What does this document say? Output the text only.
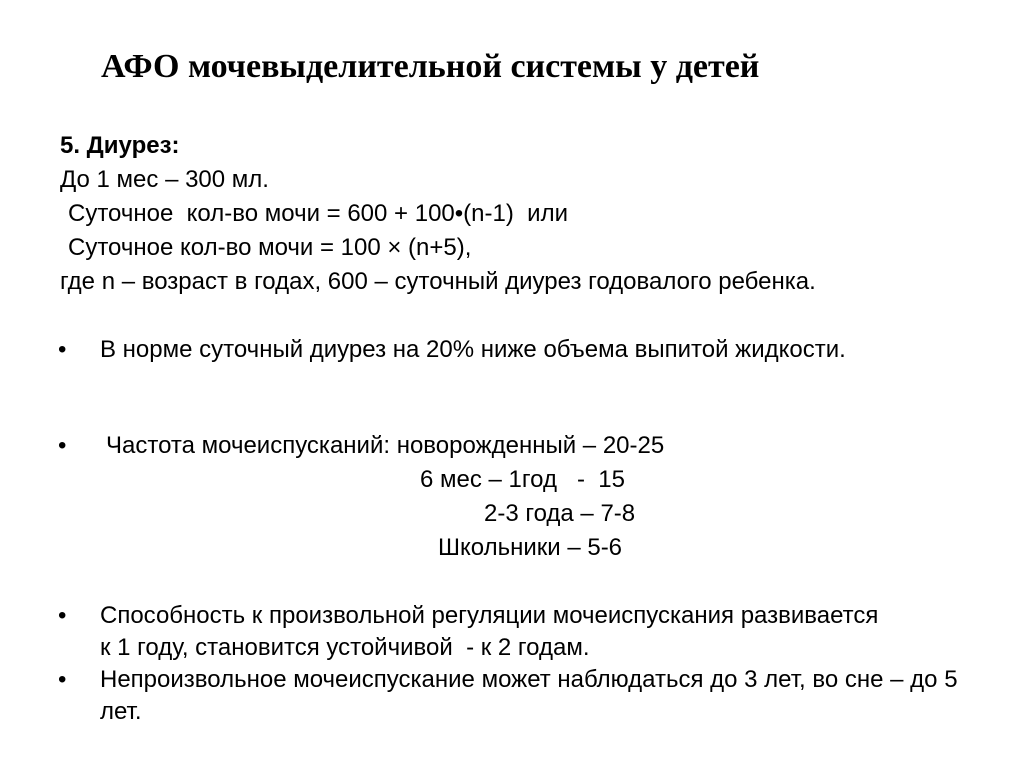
АФО мочевыделительной системы у детей
5. Диурез:
До 1 мес – 300 мл.
Суточное  кол-во мочи = 600 + 100•(n-1)  или
Суточное кол-во мочи = 100 × (n+5),
где n – возраст в годах, 600 – суточный диурез годовалого ребенка.
• В норме суточный диурез на 20% ниже объема выпитой жидкости.
• Частота мочеиспусканий: новорожденный – 20-25
6 мес – 1год   -  15
2-3 года – 7-8
Школьники – 5-6
• Способность к произвольной регуляции мочеиспускания развивается к 1 году, становится устойчивой  - к 2 годам.
• Непроизвольное мочеиспускание может наблюдаться до 3 лет, во сне – до 5 лет.
